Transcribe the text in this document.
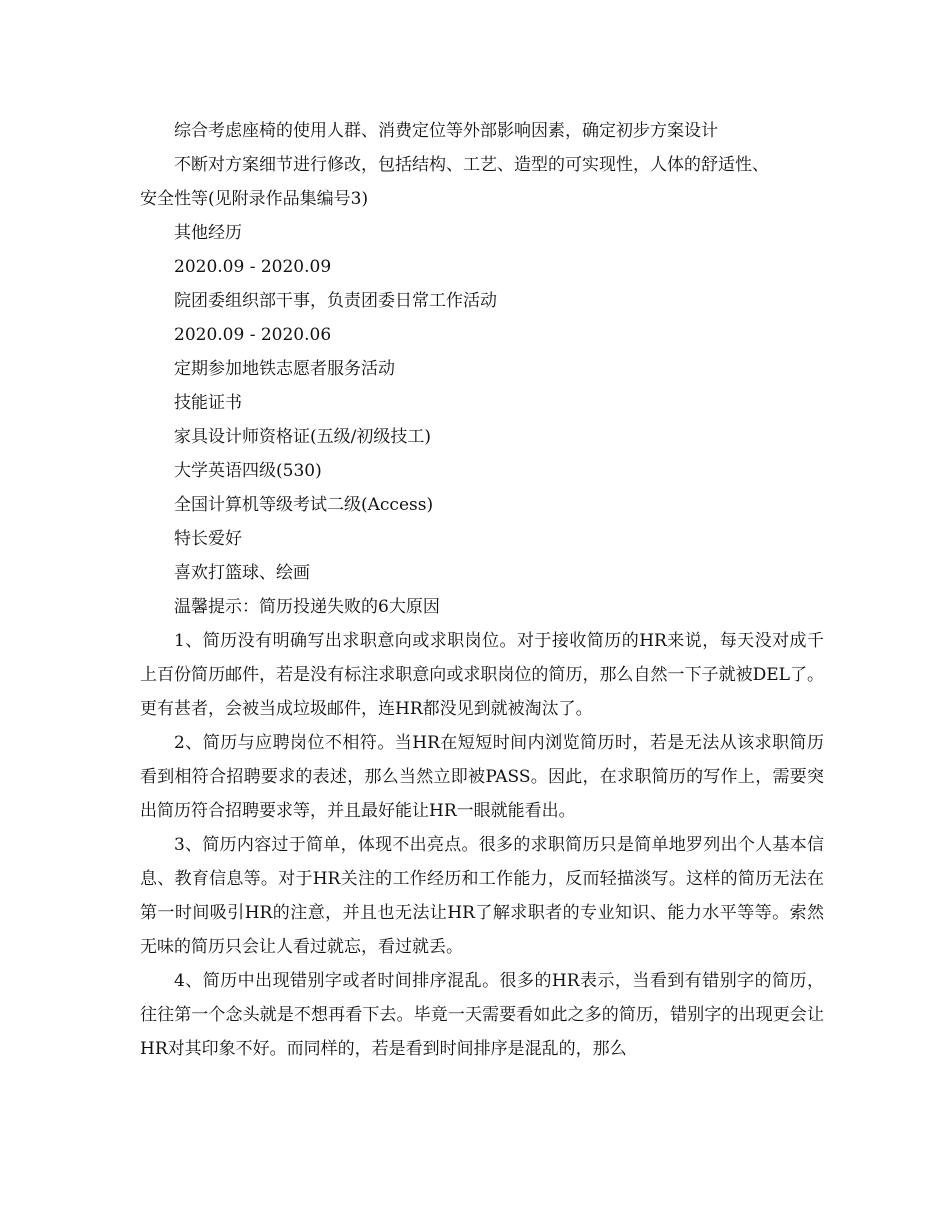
综合考虑座椅的使用人群、消费定位等外部影响因素，确定初步方案设计

不断对方案细节进行修改，包括结构、工艺、造型的可实现性，人体的舒适性、

安全性等(见附录作品集编号3)

其他经历

2020.09 - 2020.09

院团委组织部干事，负责团委日常工作活动

2020.09 - 2020.06

定期参加地铁志愿者服务活动

技能证书

家具设计师资格证(五级/初级技工)

大学英语四级(530)

全国计算机等级考试二级(Access)

特长爱好

喜欢打篮球、绘画

温馨提示：简历投递失败的6大原因

1、简历没有明确写出求职意向或求职岗位。对于接收简历的HR来说，每天没对成千上百份简历邮件，若是没有标注求职意向或求职岗位的简历，那么自然一下子就被DEL了。更有甚者，会被当成垃圾邮件，连HR都没见到就被淘汰了。

2、简历与应聘岗位不相符。当HR在短短时间内浏览简历时，若是无法从该求职简历看到相符合招聘要求的表述，那么当然立即被PASS。因此，在求职简历的写作上，需要突出简历符合招聘要求等，并且最好能让HR一眼就能看出。

3、简历内容过于简单，体现不出亮点。很多的求职简历只是简单地罗列出个人基本信息、教育信息等。对于HR关注的工作经历和工作能力，反而轻描淡写。这样的简历无法在第一时间吸引HR的注意，并且也无法让HR了解求职者的专业知识、能力水平等等。索然无味的简历只会让人看过就忘，看过就丢。

4、简历中出现错别字或者时间排序混乱。很多的HR表示，当看到有错别字的简历，往往第一个念头就是不想再看下去。毕竟一天需要看如此之多的简历，错别字的出现更会让HR对其印象不好。而同样的，若是看到时间排序是混乱的，那么
